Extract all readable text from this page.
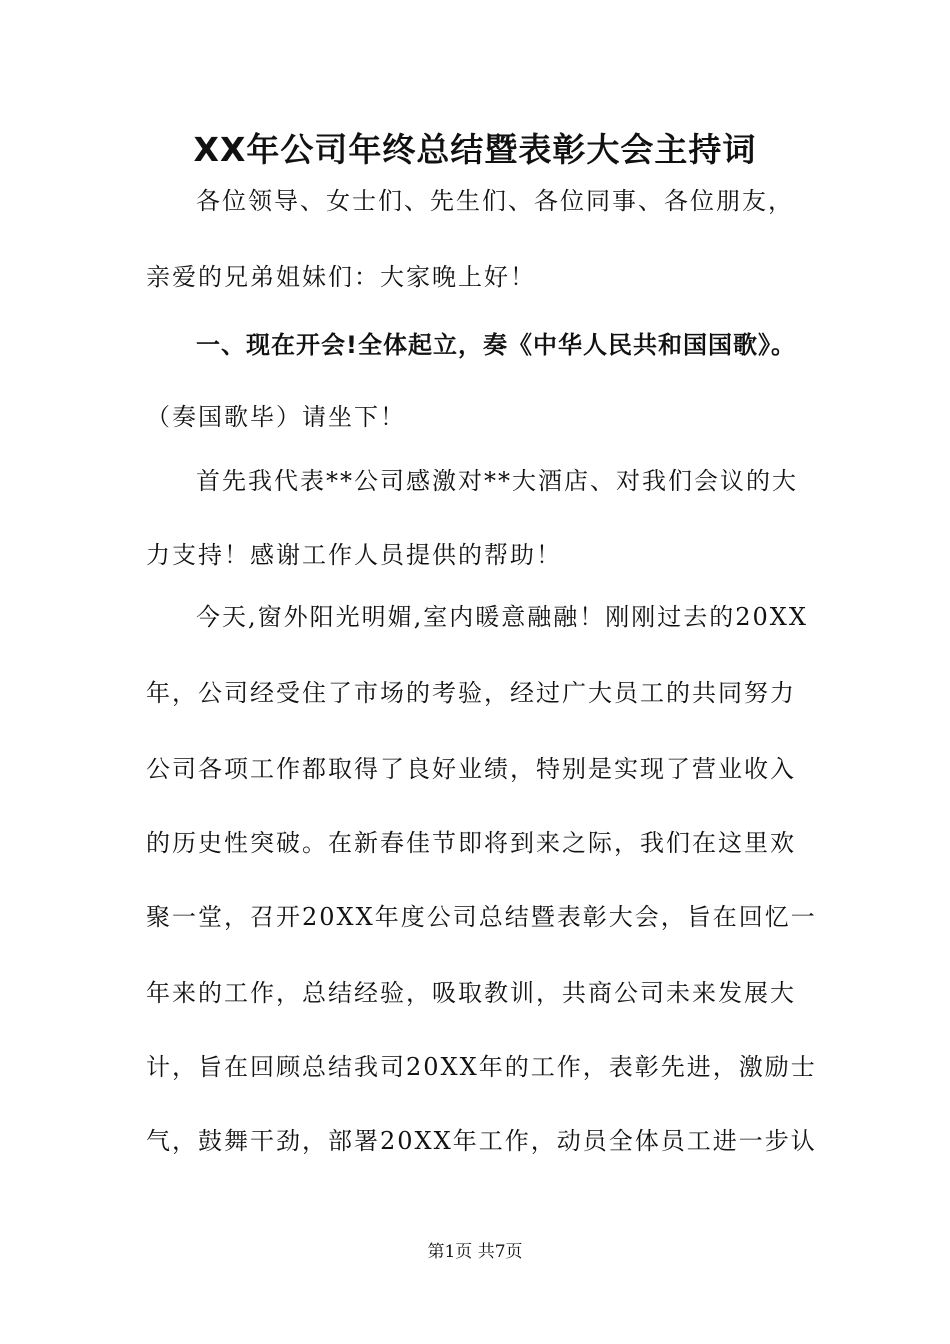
XX年公司年终总结暨表彰大会主持词

各位领导、女士们、先生们、各位同事、各位朋友，

亲爱的兄弟姐妹们：大家晚上好！

一、现在开会!全体起立，奏《中华人民共和国国歌》。

（奏国歌毕）请坐下！

首先我代表**公司感激对**大酒店、对我们会议的大

力支持！感谢工作人员提供的帮助！

今天,窗外阳光明媚,室内暖意融融！刚刚过去的20XX

年，公司经受住了市场的考验，经过广大员工的共同努力

公司各项工作都取得了良好业绩，特别是实现了营业收入

的历史性突破。在新春佳节即将到来之际，我们在这里欢

聚一堂，召开20XX年度公司总结暨表彰大会，旨在回忆一

年来的工作，总结经验，吸取教训，共商公司未来发展大

计，旨在回顾总结我司20XX年的工作，表彰先进，激励士

气，鼓舞干劲，部署20XX年工作，动员全体员工进一步认

第1页 共7页
